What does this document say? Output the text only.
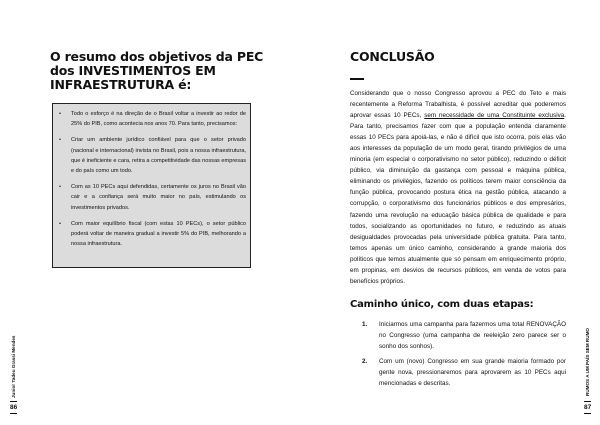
O resumo dos objetivos da PEC dos INVESTIMENTOS EM INFRAESTRUTURA é:
• Todo o esforço é na direção de o Brasil voltar a investir ao redor de 25% do PIB, como acontecia nos anos 70. Para tanto, precisamos:
• Criar um ambiente jurídico confiável para que o setor privado (nacional e internacional) invista no Brasil, pois a nossa infraestrutura, que é ineficiente e cara, retira a competitividade das nossas empresas e do país como um todo.
• Com as 10 PECs aqui defendidas, certamente os juros no Brasil vão cair e a confiança será muito maior no país, estimulando os investimentos privados.
• Com maior equilíbrio fiscal (com estas 10 PECs), o setor público poderá voltar de maneira gradual a investir 5% do PIB, melhorando a nossa infraestrutura.
Junior Tadeu Grassi Mendes
86
CONCLUSÃO
Considerando que o nosso Congresso aprovou a PEC do Teto e mais recentemente a Reforma Trabalhista, é possível acreditar que poderemos aprovar essas 10 PECs, sem necessidade de uma Constituinte exclusiva. Para tanto, precisamos fazer com que a população entenda claramente essas 10 PECs para apoiá-las, e não é difícil que isto ocorra, pois elas vão aos interesses da população de um modo geral, tirando privilégios de uma minoria (em especial o corporativismo no setor público), reduzindo o déficit público, via diminuição da gastança com pessoal e máquina pública, eliminando os privilégios, fazendo os políticos terem maior consciência da função pública, provocando postura ética na gestão pública, atacando a corrupção, o corporativismo dos funcionários públicos e dos empresários, fazendo uma revolução na educação básica pública de qualidade e para todos, socializando as oportunidades no futuro, e reduzindo as atuais desigualdades provocadas pela universidade pública gratuita. Para tanto, temos apenas um único caminho, considerando a grande maioria dos políticos que temos atualmente que só pensam em enriquecimento próprio, em propinas, em desvios de recursos públicos, em venda de votos para benefícios próprios.
Caminho único, com duas etapas:
1. Iniciarmos uma campanha para fazermos uma total RENOVAÇÃO no Congresso (uma campanha de reeleição zero parece ser o sonho dos sonhos).
2. Com um (novo) Congresso em sua grande maioria formado por gente nova, pressionaremos para aprovarem as 10 PECs aqui mencionadas e descritas.	RUMOS A UM PAÍS SEM RUMO
87
